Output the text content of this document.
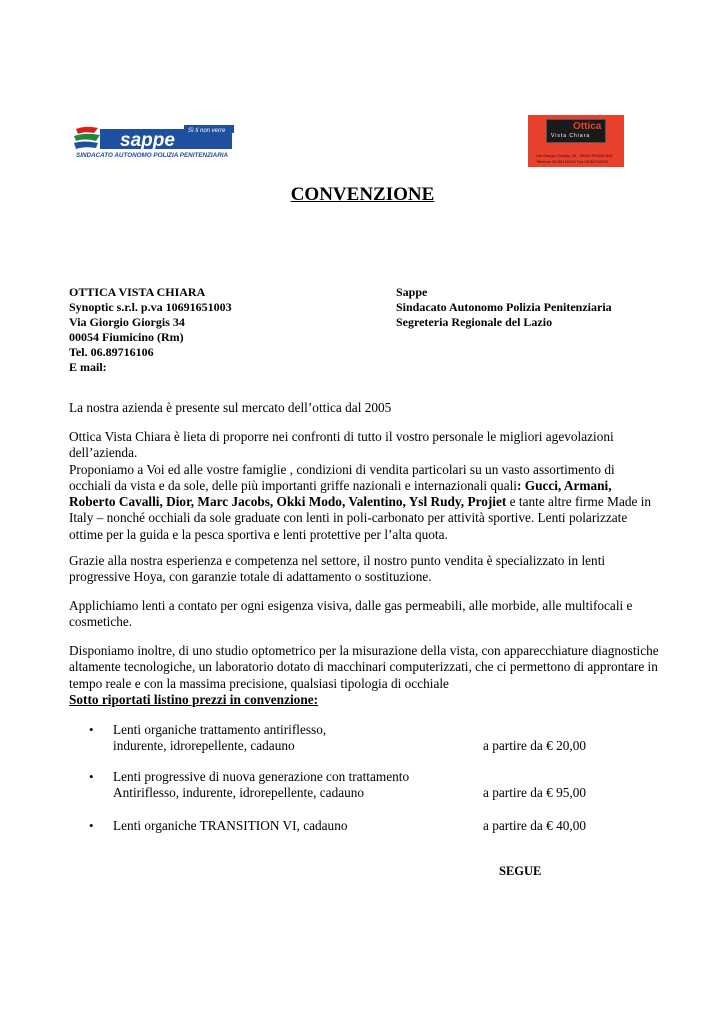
sappe Sì ti non verre
SINDACATO AUTONOMO POLIZIA PENITENZIARIA
Ottica
Vista Chiara
Via Giorgio Giorgis, 34 - 00054 FIUMICINO
Telefono 06.89716106 Fax 06.89716106
CONVENZIONE
OTTICA VISTA CHIARA
Synoptic s.r.l. p.va 10691651003
Via Giorgio Giorgis 34
00054 Fiumicino (Rm)
Tel. 06.89716106
E mail:
Sappe
Sindacato Autonomo Polizia Penitenziaria
Segreteria Regionale del Lazio

La nostra azienda è presente sul mercato dell’ottica dal 2005

Ottica Vista Chiara è lieta di proporre nei confronti di tutto il vostro personale le migliori agevolazioni dell’azienda.

Proponiamo a Voi ed alle vostre famiglie , condizioni di vendita particolari su un vasto assortimento di occhiali da vista e da sole, delle più importanti griffe nazionali e internazionali quali: Gucci, Armani, Roberto Cavalli, Dior, Marc Jacobs, Okki Modo, Valentino, Ysl Rudy, Projiet e tante altre firme Made in Italy – nonché occhiali da sole graduate con lenti in poli-carbonato per attività sportive. Lenti polarizzate ottime per la guida e la pesca sportiva e lenti protettive per l’alta quota.

Grazie alla nostra esperienza e competenza nel settore, il nostro punto vendita è specializzato in lenti progressive Hoya, con garanzie totale di adattamento o sostituzione.

Applichiamo lenti a contato per ogni esigenza visiva, dalle gas permeabili, alle morbide, alle multifocali e cosmetiche.

Disponiamo inoltre, di uno studio optometrico per la misurazione della vista, con apparecchiature diagnostiche altamente tecnologiche, un laboratorio dotato di macchinari computerizzati, che ci permettono di approntare in tempo reale e con la massima precisione, qualsiasi tipologia di occhiale

Sotto riportati listino prezzi in convenzione:

• Lenti organiche trattamento antiriflesso,
indurente, idrorepellente, cadauno	a partire da € 20,00
• Lenti progressive di nuova generazione con trattamento
Antiriflesso, indurente, idrorepellente, cadauno	a partire da € 95,00
• Lenti organiche TRANSITION VI, cadauno	a partire da € 40,00
SEGUE
